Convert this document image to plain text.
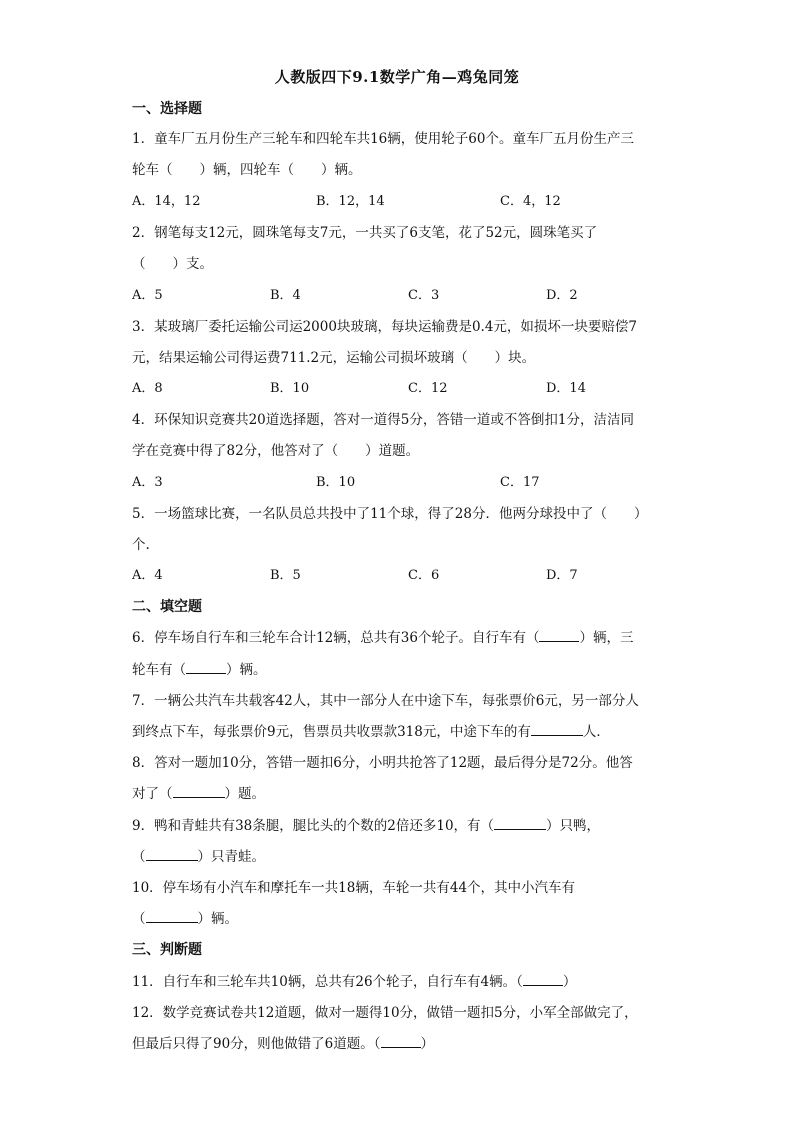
人教版四下9.1数学广角—鸡兔同笼
一、选择题
1．童车厂五月份生产三轮车和四轮车共16辆，使用轮子60个。童车厂五月份生产三
轮车（　　）辆，四轮车（　　）辆。
A．14，12	B．12，14	C．4，12
2．钢笔每支12元，圆珠笔每支7元，一共买了6支笔，花了52元，圆珠笔买了
（　　）支。
A．5	B．4	C．3	D．2
3．某玻璃厂委托运输公司运2000块玻璃，每块运输费是0.4元，如损坏一块要赔偿7
元，结果运输公司得运费711.2元，运输公司损坏玻璃（　　）块。
A．8	B．10	C．12	D．14
4．环保知识竞赛共20道选择题，答对一道得5分，答错一道或不答倒扣1分，洁洁同
学在竞赛中得了82分，他答对了（　　）道题。
A．3	B．10	C．17
5．一场篮球比赛，一名队员总共投中了11个球，得了28分．他两分球投中了（　　）
个.
A．4	B．5	C．6	D．7
二、填空题
6．停车场自行车和三轮车合计12辆，总共有36个轮子。自行车有（	）辆，三
轮车有（	）辆。
7．一辆公共汽车共载客42人，其中一部分人在中途下车，每张票价6元，另一部分人
到终点下车，每张票价9元，售票员共收票款318元，中途下车的有	人．
8．答对一题加10分，答错一题扣6分，小明共抢答了12题，最后得分是72分。他答
对了（	）题。
9．鸭和青蛙共有38条腿，腿比头的个数的2倍还多10，有（	）只鸭，
（	）只青蛙。
10．停车场有小汽车和摩托车一共18辆，车轮一共有44个，其中小汽车有
（	）辆。
三、判断题
11．自行车和三轮车共10辆，总共有26个轮子，自行车有4辆。（	）
12．数学竞赛试卷共12道题，做对一题得10分，做错一题扣5分，小军全部做完了，
但最后只得了90分，则他做错了6道题。（	）
